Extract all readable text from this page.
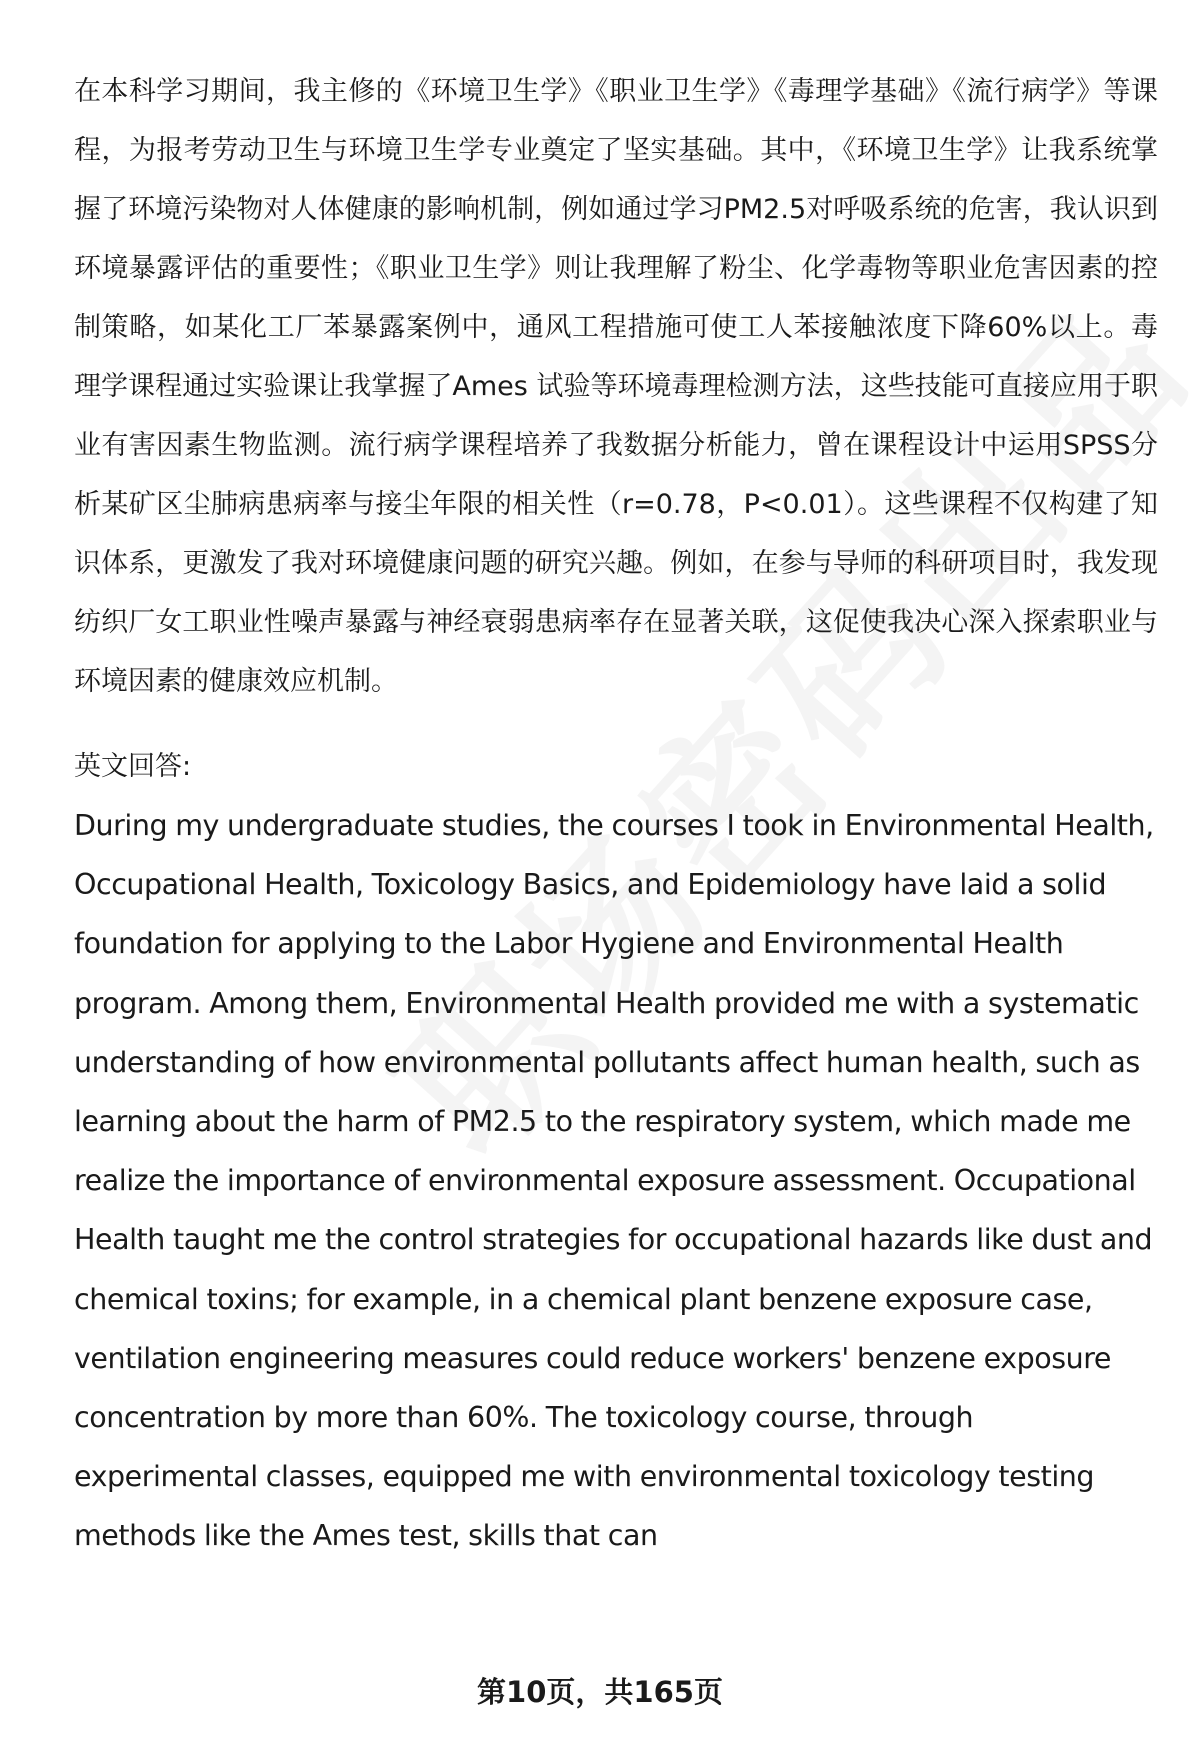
在本科学习期间，我主修的《环境卫生学》《职业卫生学》《毒理学基础》《流行病学》等课程，为报考劳动卫生与环境卫生学专业奠定了坚实基础。其中，《环境卫生学》让我系统掌握了环境污染物对人体健康的影响机制，例如通过学习PM2.5对呼吸系统的危害，我认识到环境暴露评估的重要性；《职业卫生学》则让我理解了粉尘、化学毒物等职业危害因素的控制策略，如某化工厂苯暴露案例中，通风工程措施可使工人苯接触浓度下降60%以上。毒理学课程通过实验课让我掌握了Ames 试验等环境毒理检测方法，这些技能可直接应用于职业有害因素生物监测。流行病学课程培养了我数据分析能力，曾在课程设计中运用SPSS分析某矿区尘肺病患病率与接尘年限的相关性（r=0.78，P<0.01）。这些课程不仅构建了知识体系，更激发了我对环境健康问题的研究兴趣。例如，在参与导师的科研项目时，我发现纺织厂女工职业性噪声暴露与神经衰弱患病率存在显著关联，这促使我决心深入探索职业与环境因素的健康效应机制。

英文回答:

During my undergraduate studies, the courses I took in Environmental Health, Occupational Health, Toxicology Basics, and Epidemiology have laid a solid foundation for applying to the Labor Hygiene and Environmental Health program. Among them, Environmental Health provided me with a systematic understanding of how environmental pollutants affect human health, such as learning about the harm of PM2.5 to the respiratory system, which made me realize the importance of environmental exposure assessment. Occupational Health taught me the control strategies for occupational hazards like dust and chemical toxins; for example, in a chemical plant benzene exposure case, ventilation engineering measures could reduce workers' benzene exposure concentration by more than 60%. The toxicology course, through experimental classes, equipped me with environmental toxicology testing methods like the Ames test, skills that can

第10页，共165页
